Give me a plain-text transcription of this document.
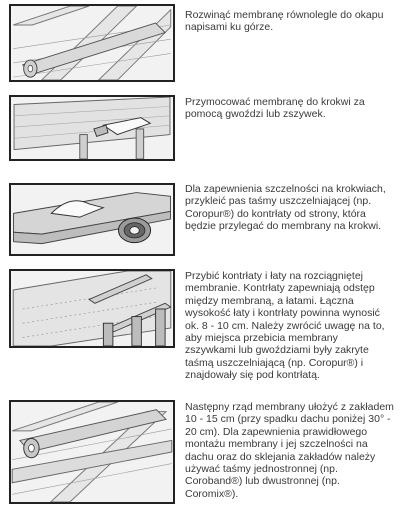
Rozwinąć membranę równolegle do okapu
napisami ku górze.
Przymocować membranę do krokwi za
pomocą gwoździ lub zszywek.
Dla zapewnienia szczelności na krokwiach,
przykleić pas taśmy uszczelniającej (np.
Coropur®) do kontrłaty od strony, która
będzie przylegać do membrany na krokwi.
Przybić kontrłaty i łaty na rozciągniętej
membranie. Kontrłaty zapewniają odstęp
między membraną, a łatami. Łączna
wysokość łaty i kontrłaty powinna wynosić
ok. 8 - 10 cm. Należy zwrócić uwagę na to,
aby miejsca przebicia membrany
zszywkami lub gwoździami były zakryte
taśmą uszczelniającą (np. Coropur®) i
znajdowały się pod kontrłatą.
Następny rząd membrany ułożyć z zakładem
10 - 15 cm (przy spadku dachu poniżej 30° -
20 cm). Dla zapewnienia prawidłowego
montażu membrany i jej szczelności na
dachu oraz do sklejania zakładów należy
używać taśmy jednostronnej (np.
Coroband®) lub dwustronnej (np.
Coromix®).
